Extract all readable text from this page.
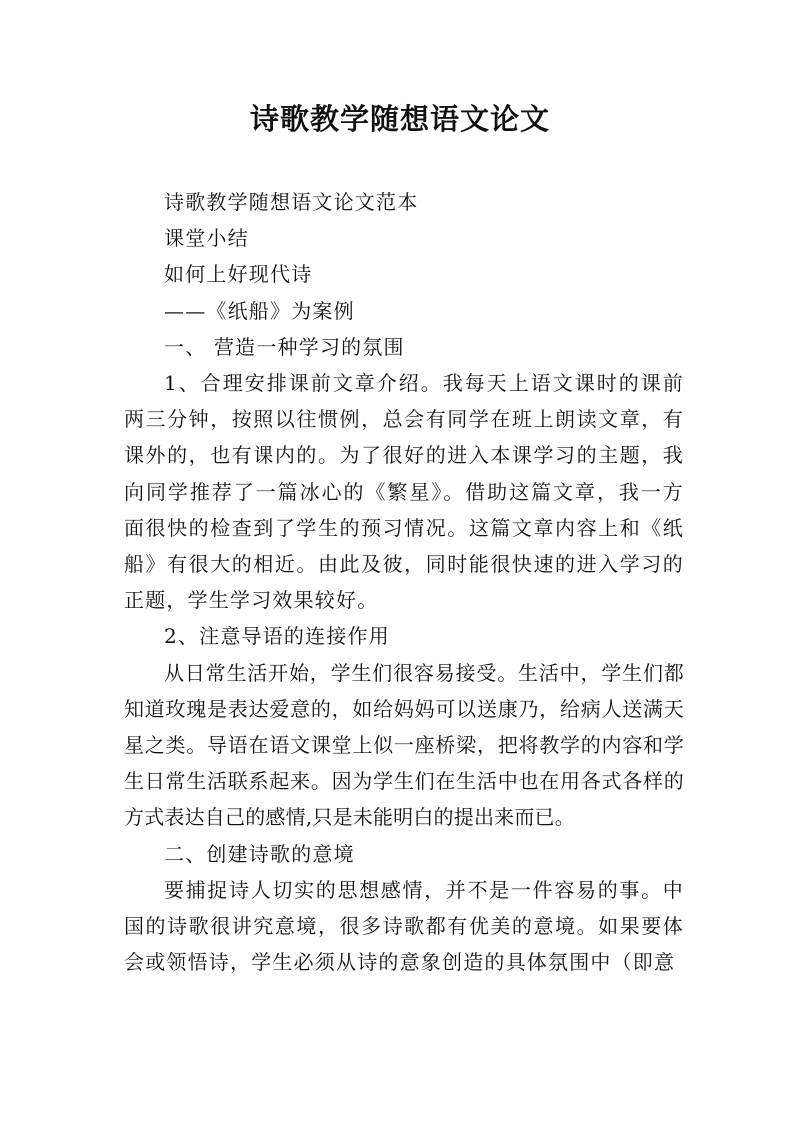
诗歌教学随想语文论文

诗歌教学随想语文论文范本

课堂小结

如何上好现代诗

——《纸船》为案例

一、 营造一种学习的氛围

1、合理安排课前文章介绍。我每天上语文课时的课前两三分钟，按照以往惯例，总会有同学在班上朗读文章，有课外的，也有课内的。为了很好的进入本课学习的主题，我向同学推荐了一篇冰心的《繁星》。借助这篇文章，我一方面很快的检查到了学生的预习情况。这篇文章内容上和《纸船》有很大的相近。由此及彼，同时能很快速的进入学习的正题，学生学习效果较好。

2、注意导语的连接作用

从日常生活开始，学生们很容易接受。生活中，学生们都知道玫瑰是表达爱意的，如给妈妈可以送康乃，给病人送满天星之类。导语在语文课堂上似一座桥梁，把将教学的内容和学生日常生活联系起来。因为学生们在生活中也在用各式各样的方式表达自己的感情,只是未能明白的提出来而已。

二、创建诗歌的意境

要捕捉诗人切实的思想感情，并不是一件容易的事。中国的诗歌很讲究意境，很多诗歌都有优美的意境。如果要体会或领悟诗，学生必须从诗的意象创造的具体氛围中（即意
